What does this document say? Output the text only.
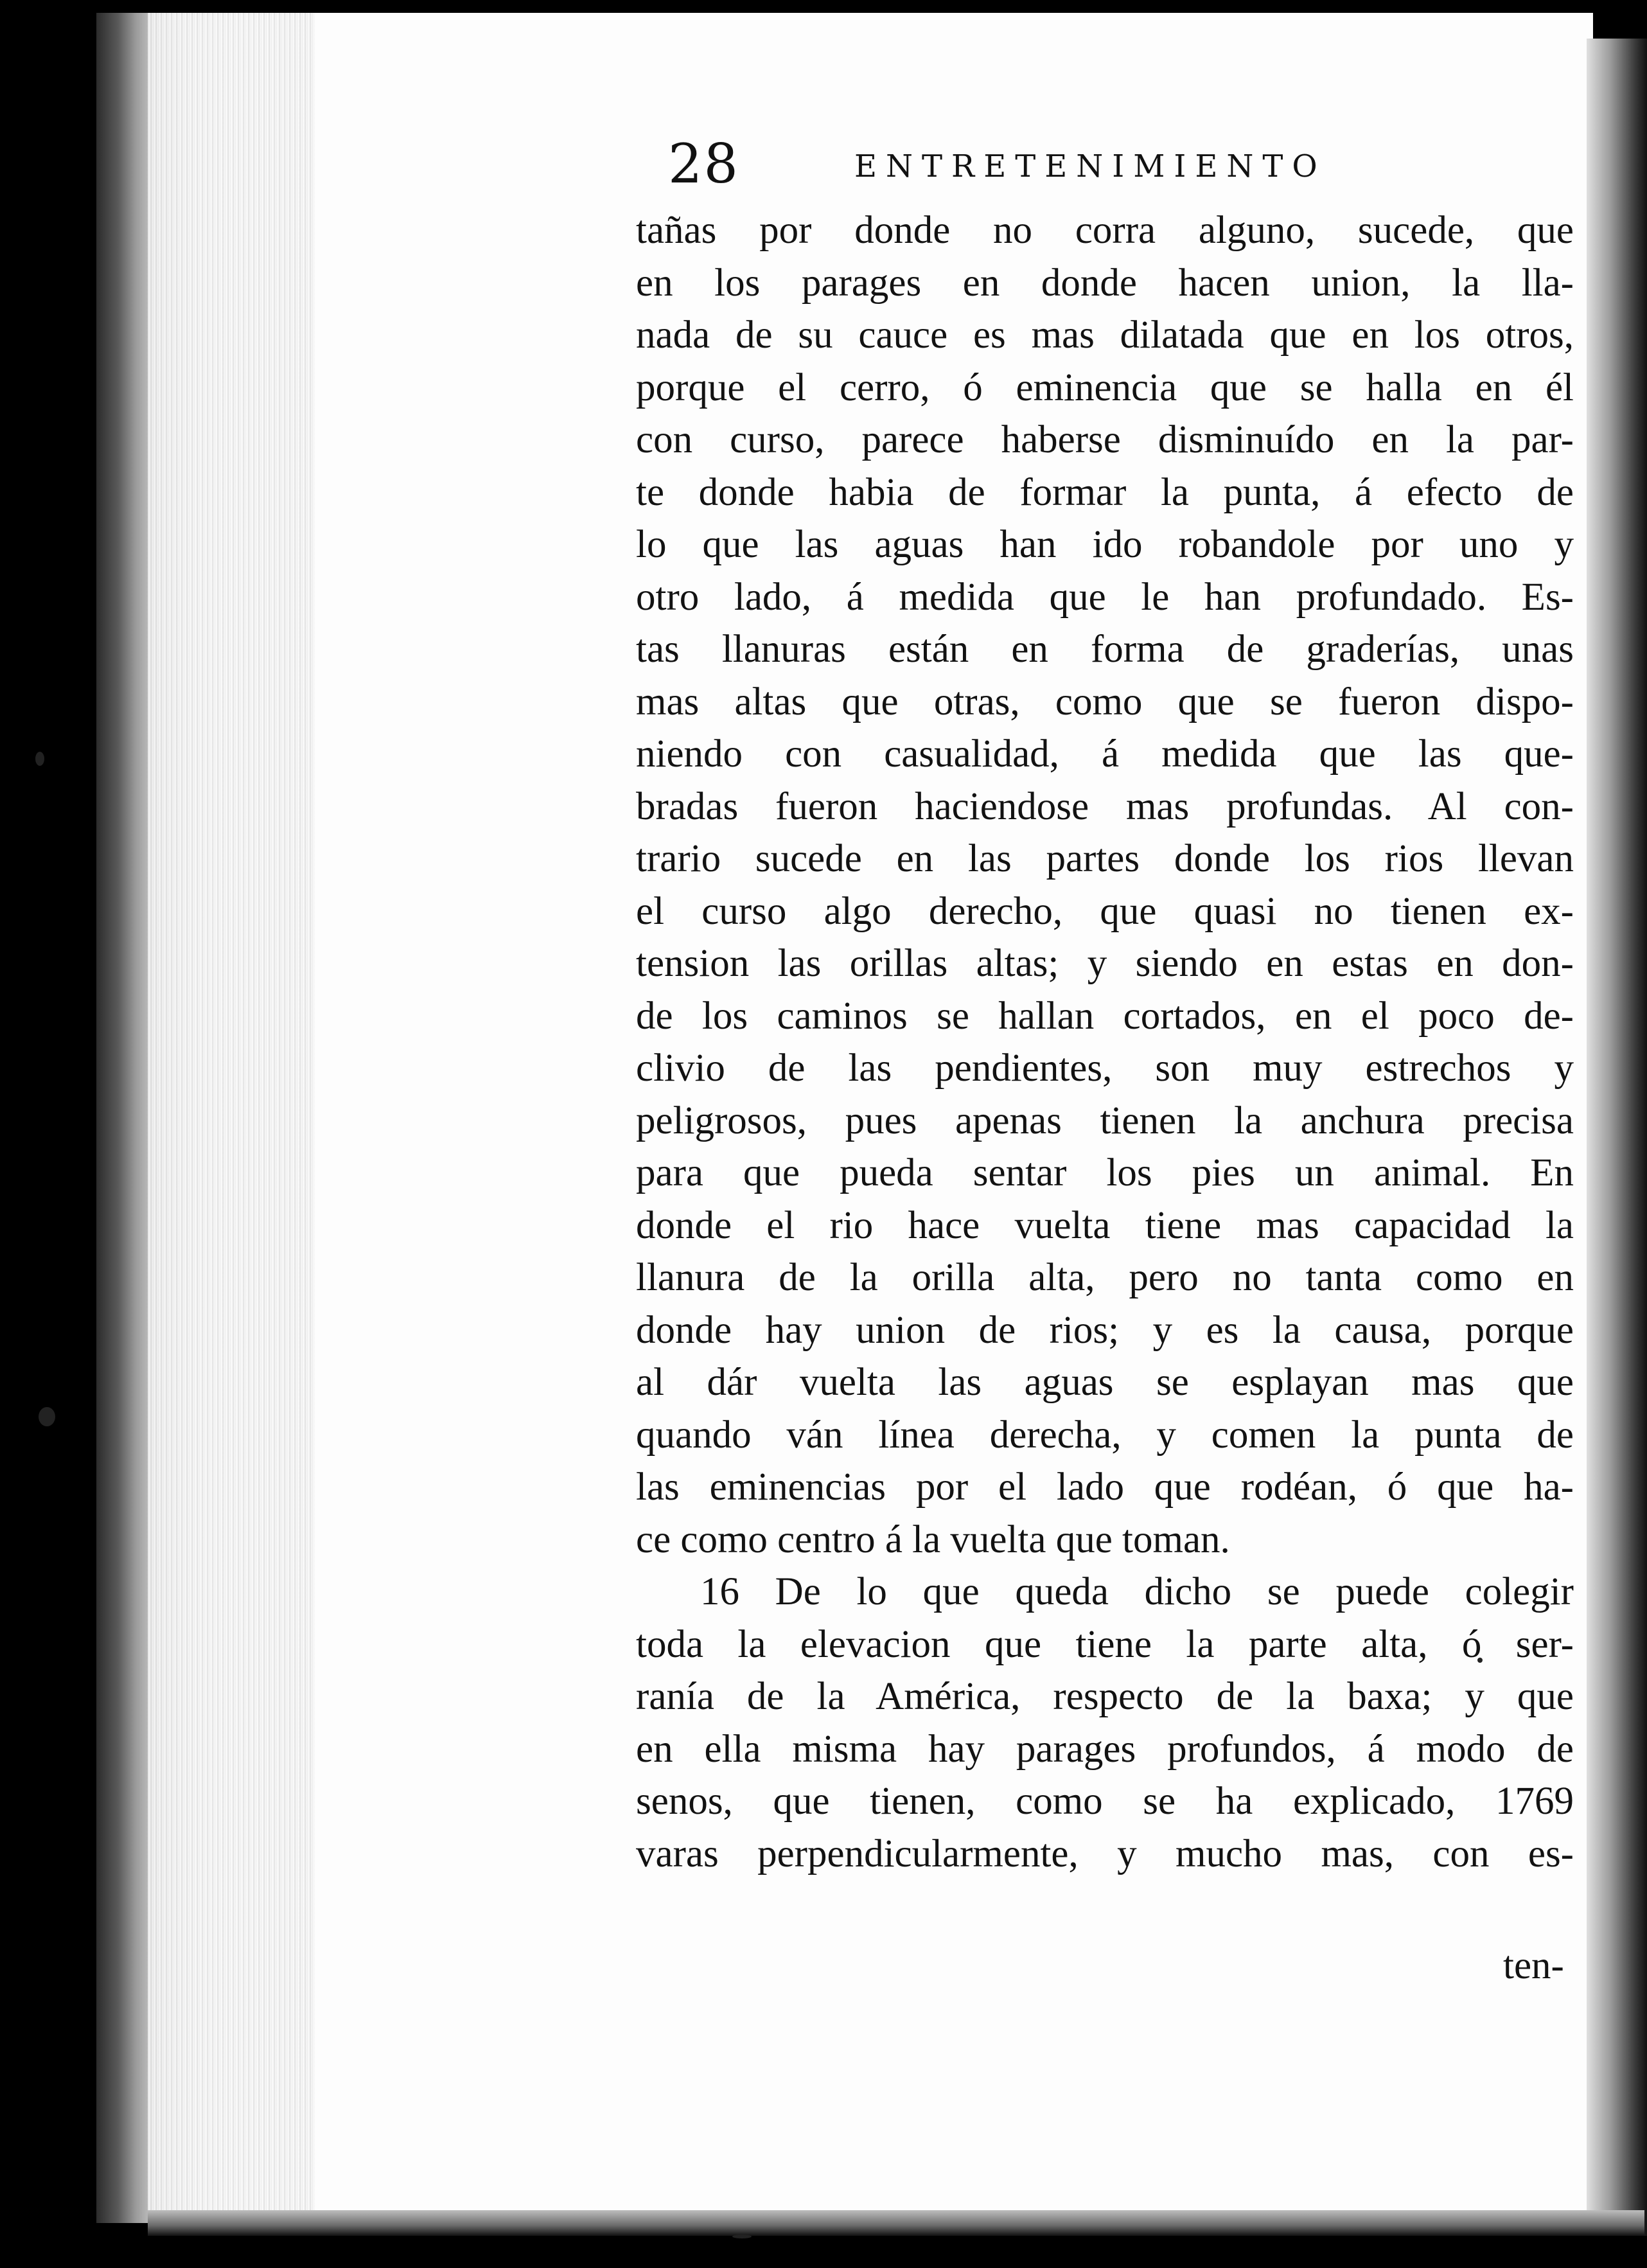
28	ENTRETENIMIENTO
tañas por donde no corra alguno, sucede, que
en los parages en donde hacen union, la lla-
nada de su cauce es mas dilatada que en los otros,
porque el cerro, ó eminencia que se halla en él
con curso, parece haberse disminuído en la par-
te donde habia de formar la punta, á efecto de
lo que las aguas han ido robandole por uno y
otro lado, á medida que le han profundado. Es-
tas llanuras están en forma de graderías, unas
mas altas que otras, como que se fueron dispo-
niendo con casualidad, á medida que las que-
bradas fueron haciendose mas profundas. Al con-
trario sucede en las partes donde los rios llevan
el curso algo derecho, que quasi no tienen ex-
tension las orillas altas; y siendo en estas en don-
de los caminos se hallan cortados, en el poco de-
clivio de las pendientes, son muy estrechos y
peligrosos, pues apenas tienen la anchura precisa
para que pueda sentar los pies un animal. En
donde el rio hace vuelta tiene mas capacidad la
llanura de la orilla alta, pero no tanta como en
donde hay union de rios; y es la causa, porque
al dár vuelta las aguas se esplayan mas que
quando ván línea derecha, y comen la punta de
las eminencias por el lado que rodéan, ó que ha-
ce como centro á la vuelta que toman.
16 De lo que queda dicho se puede colegir
toda la elevacion que tiene la parte alta, ó ser-
ranía de la América, respecto de la baxa; y que
en ella misma hay parages profundos, á modo de
senos, que tienen, como se ha explicado, 1769
varas perpendicularmente, y mucho mas, con es-
ten-
